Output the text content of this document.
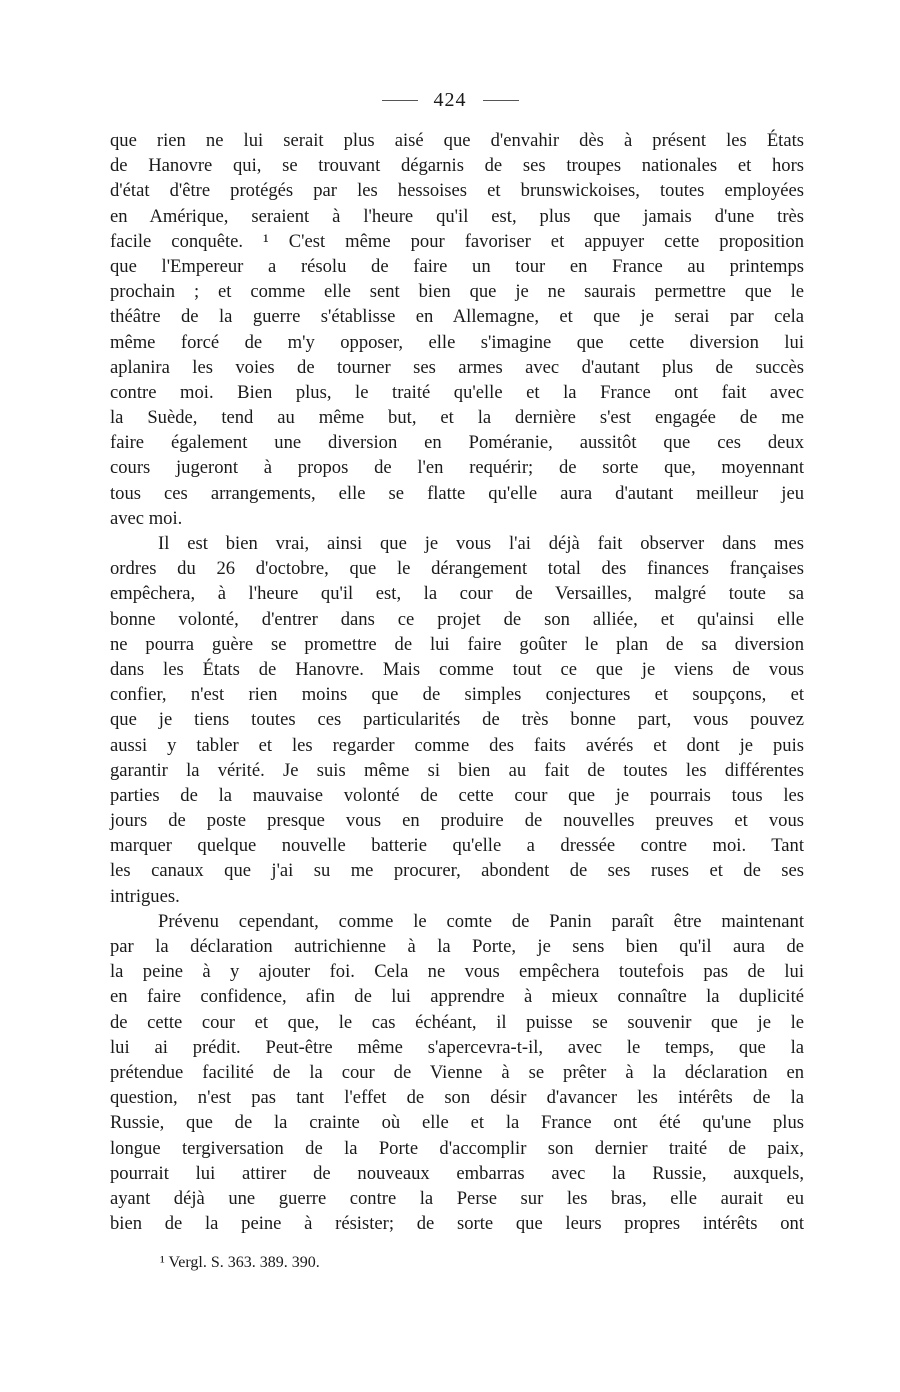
424
que rien ne lui serait plus aisé que d'envahir dès à présent les États
de Hanovre qui, se trouvant dégarnis de ses troupes nationales et hors
d'état d'être protégés par les hessoises et brunswickoises, toutes employées
en Amérique, seraient à l'heure qu'il est, plus que jamais d'une très
facile conquête. ¹ C'est même pour favoriser et appuyer cette proposition
que l'Empereur a résolu de faire un tour en France au printemps
prochain ; et comme elle sent bien que je ne saurais permettre que le
théâtre de la guerre s'établisse en Allemagne, et que je serai par cela
même forcé de m'y opposer, elle s'imagine que cette diversion lui
aplanira les voies de tourner ses armes avec d'autant plus de succès
contre moi. Bien plus, le traité qu'elle et la France ont fait avec
la Suède, tend au même but, et la dernière s'est engagée de me
faire également une diversion en Poméranie, aussitôt que ces deux
cours jugeront à propos de l'en requérir; de sorte que, moyennant
tous ces arrangements, elle se flatte qu'elle aura d'autant meilleur jeu
avec moi.
Il est bien vrai, ainsi que je vous l'ai déjà fait observer dans mes
ordres du 26 d'octobre, que le dérangement total des finances françaises
empêchera, à l'heure qu'il est, la cour de Versailles, malgré toute sa
bonne volonté, d'entrer dans ce projet de son alliée, et qu'ainsi elle
ne pourra guère se promettre de lui faire goûter le plan de sa diversion
dans les États de Hanovre. Mais comme tout ce que je viens de vous
confier, n'est rien moins que de simples conjectures et soupçons, et
que je tiens toutes ces particularités de très bonne part, vous pouvez
aussi y tabler et les regarder comme des faits avérés et dont je puis
garantir la vérité. Je suis même si bien au fait de toutes les différentes
parties de la mauvaise volonté de cette cour que je pourrais tous les
jours de poste presque vous en produire de nouvelles preuves et vous
marquer quelque nouvelle batterie qu'elle a dressée contre moi. Tant
les canaux que j'ai su me procurer, abondent de ses ruses et de ses
intrigues.
Prévenu cependant, comme le comte de Panin paraît être maintenant
par la déclaration autrichienne à la Porte, je sens bien qu'il aura de
la peine à y ajouter foi. Cela ne vous empêchera toutefois pas de lui
en faire confidence, afin de lui apprendre à mieux connaître la duplicité
de cette cour et que, le cas échéant, il puisse se souvenir que je le
lui ai prédit. Peut-être même s'apercevra-t-il, avec le temps, que la
prétendue facilité de la cour de Vienne à se prêter à la déclaration en
question, n'est pas tant l'effet de son désir d'avancer les intérêts de la
Russie, que de la crainte où elle et la France ont été qu'une plus
longue tergiversation de la Porte d'accomplir son dernier traité de paix,
pourrait lui attirer de nouveaux embarras avec la Russie, auxquels,
ayant déjà une guerre contre la Perse sur les bras, elle aurait eu
bien de la peine à résister; de sorte que leurs propres intérêts ont
¹ Vergl. S. 363. 389. 390.
